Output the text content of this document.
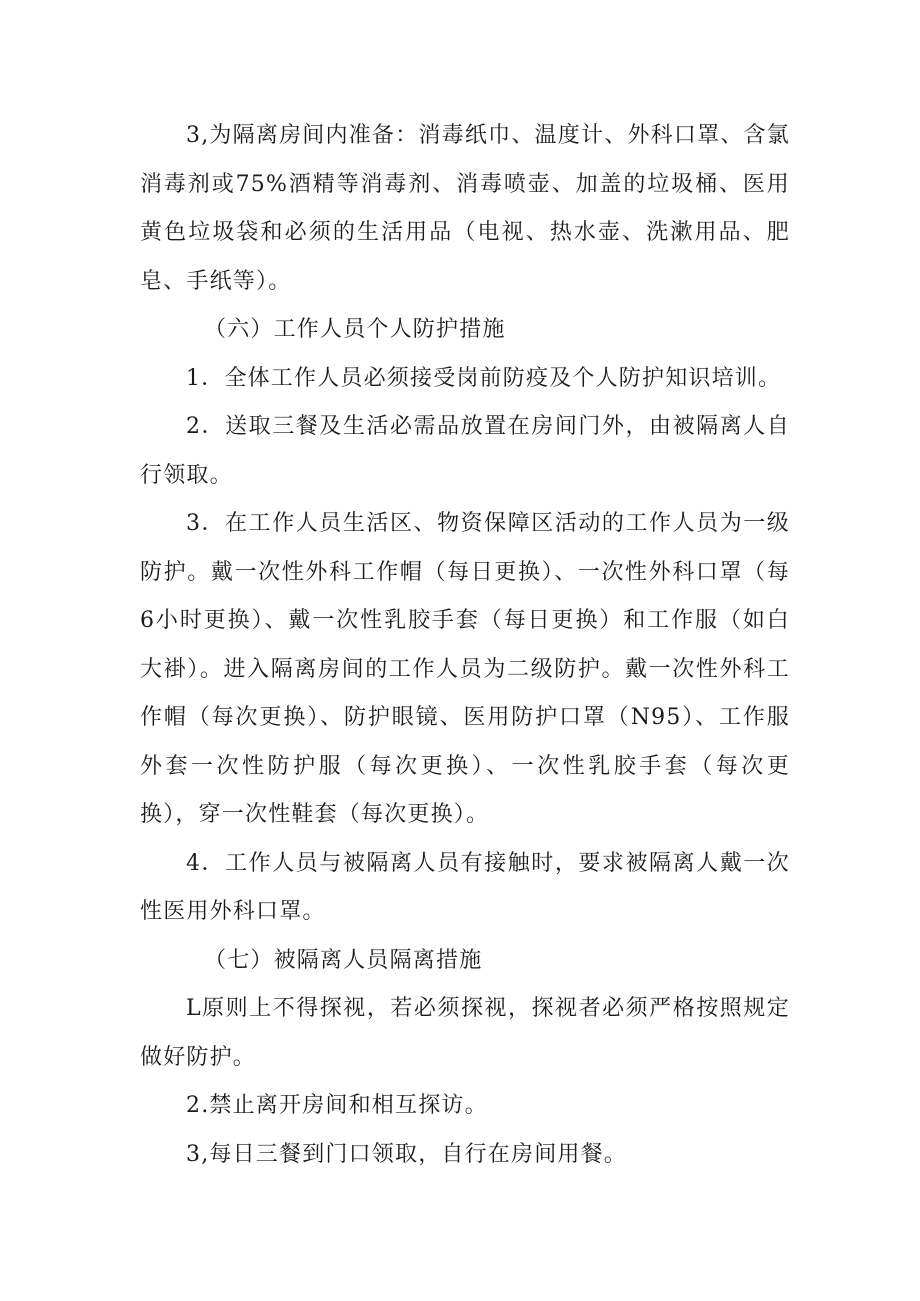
3,为隔离房间内准备：消毒纸巾、温度计、外科口罩、含氯消毒剂或75%酒精等消毒剂、消毒喷壶、加盖的垃圾桶、医用黄色垃圾袋和必须的生活用品（电视、热水壶、洗漱用品、肥皂、手纸等）。

（六）工作人员个人防护措施

1．全体工作人员必须接受岗前防疫及个人防护知识培训。

2．送取三餐及生活必需品放置在房间门外，由被隔离人自行领取。

3．在工作人员生活区、物资保障区活动的工作人员为一级防护。戴一次性外科工作帽（每日更换）、一次性外科口罩（每6小时更换）、戴一次性乳胶手套（每日更换）和工作服（如白大褂）。进入隔离房间的工作人员为二级防护。戴一次性外科工作帽（每次更换）、防护眼镜、医用防护口罩（N95）、工作服外套一次性防护服（每次更换）、一次性乳胶手套（每次更换），穿一次性鞋套（每次更换）。

4．工作人员与被隔离人员有接触时，要求被隔离人戴一次性医用外科口罩。

（七）被隔离人员隔离措施

L原则上不得探视，若必须探视，探视者必须严格按照规定做好防护。

2.禁止离开房间和相互探访。

3,每日三餐到门口领取，自行在房间用餐。
